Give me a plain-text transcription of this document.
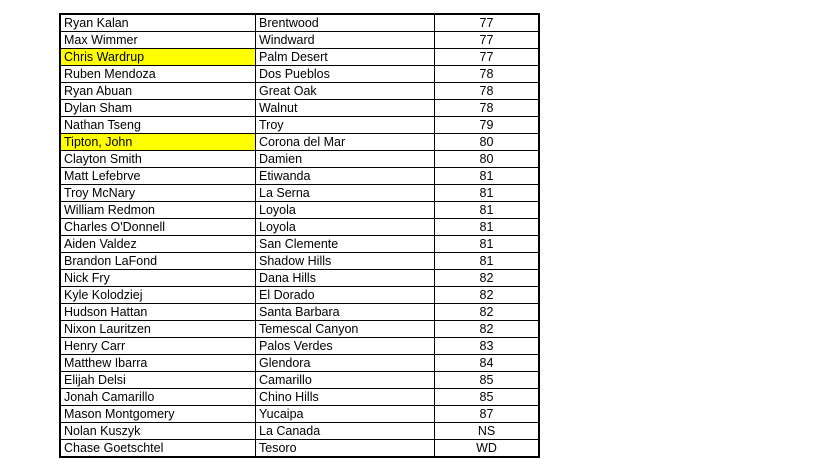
Ryan Kalan	Brentwood	77
Max Wimmer	Windward	77
Chris Wardrup	Palm Desert	77
Ruben Mendoza	Dos Pueblos	78
Ryan Abuan	Great Oak	78
Dylan Sham	Walnut	78
Nathan Tseng	Troy	79
Tipton, John	Corona del Mar	80
Clayton Smith	Damien	80
Matt Lefebrve	Etiwanda	81
Troy McNary	La Serna	81
William Redmon	Loyola	81
Charles O'Donnell	Loyola	81
Aiden Valdez	San Clemente	81
Brandon LaFond	Shadow Hills	81
Nick Fry	Dana Hills	82
Kyle Kolodziej	El Dorado	82
Hudson Hattan	Santa Barbara	82
Nixon Lauritzen	Temescal Canyon	82
Henry Carr	Palos Verdes	83
Matthew Ibarra	Glendora	84
Elijah Delsi	Camarillo	85
Jonah Camarillo	Chino Hills	85
Mason Montgomery	Yucaipa	87
Nolan Kuszyk	La Canada	NS
Chase Goetschtel	Tesoro	WD
